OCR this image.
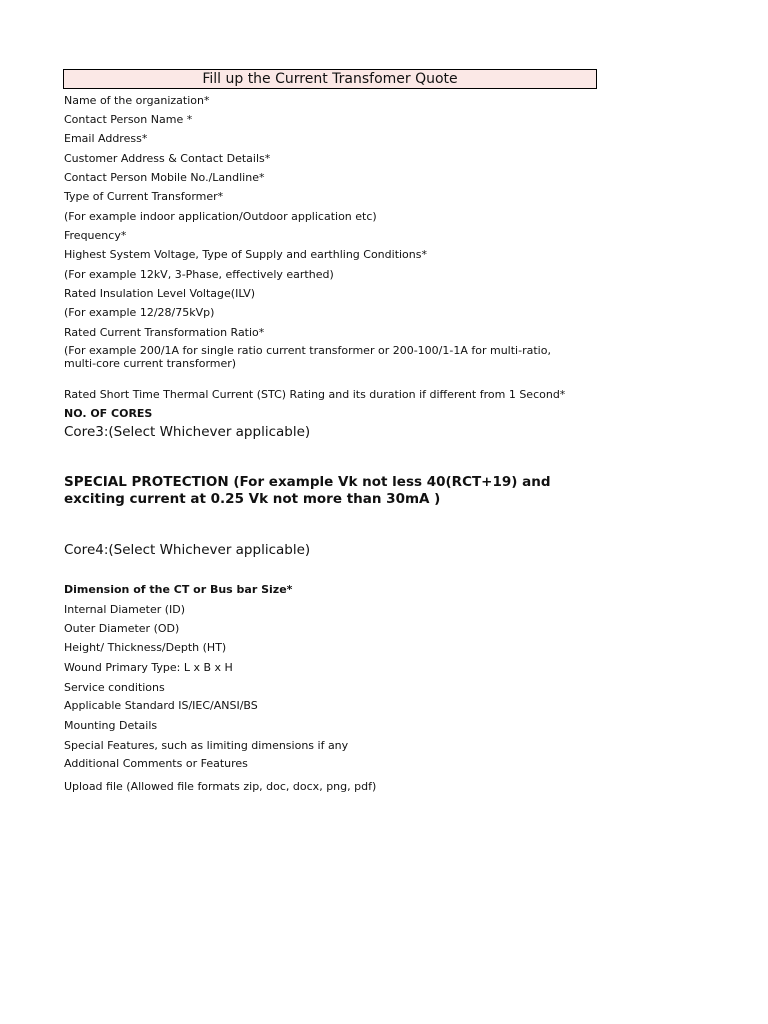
Fill up the Current Transfomer Quote
Name of the organization*
Contact Person Name *
Email Address*
Customer Address & Contact Details*
Contact Person Mobile No./Landline*
Type of Current Transformer*
(For example indoor application/Outdoor application etc)
Frequency*
Highest System Voltage, Type of Supply and earthling Conditions*
(For example 12kV, 3-Phase, effectively earthed)
Rated Insulation Level Voltage(ILV)
(For example 12/28/75kVp)
Rated Current Transformation Ratio*
(For example 200/1A for single ratio current transformer or 200-100/1-1A for multi-ratio, multi-core current transformer)
Rated Short Time Thermal Current (STC) Rating and its duration if different from 1 Second*
NO. OF CORES
Core3:(Select Whichever applicable)
SPECIAL PROTECTION (For example Vk not less 40(RCT+19) and exciting current at 0.25 Vk not more than 30mA )
Core4:(Select Whichever applicable)
Dimension of the CT or Bus bar Size*
Internal Diameter (ID)
Outer Diameter (OD)
Height/ Thickness/Depth (HT)
Wound Primary Type: L x B x H
Service conditions
Applicable Standard IS/IEC/ANSI/BS
Mounting Details
Special Features, such as limiting dimensions if any
Additional Comments or Features
Upload file (Allowed file formats zip, doc, docx, png, pdf)
